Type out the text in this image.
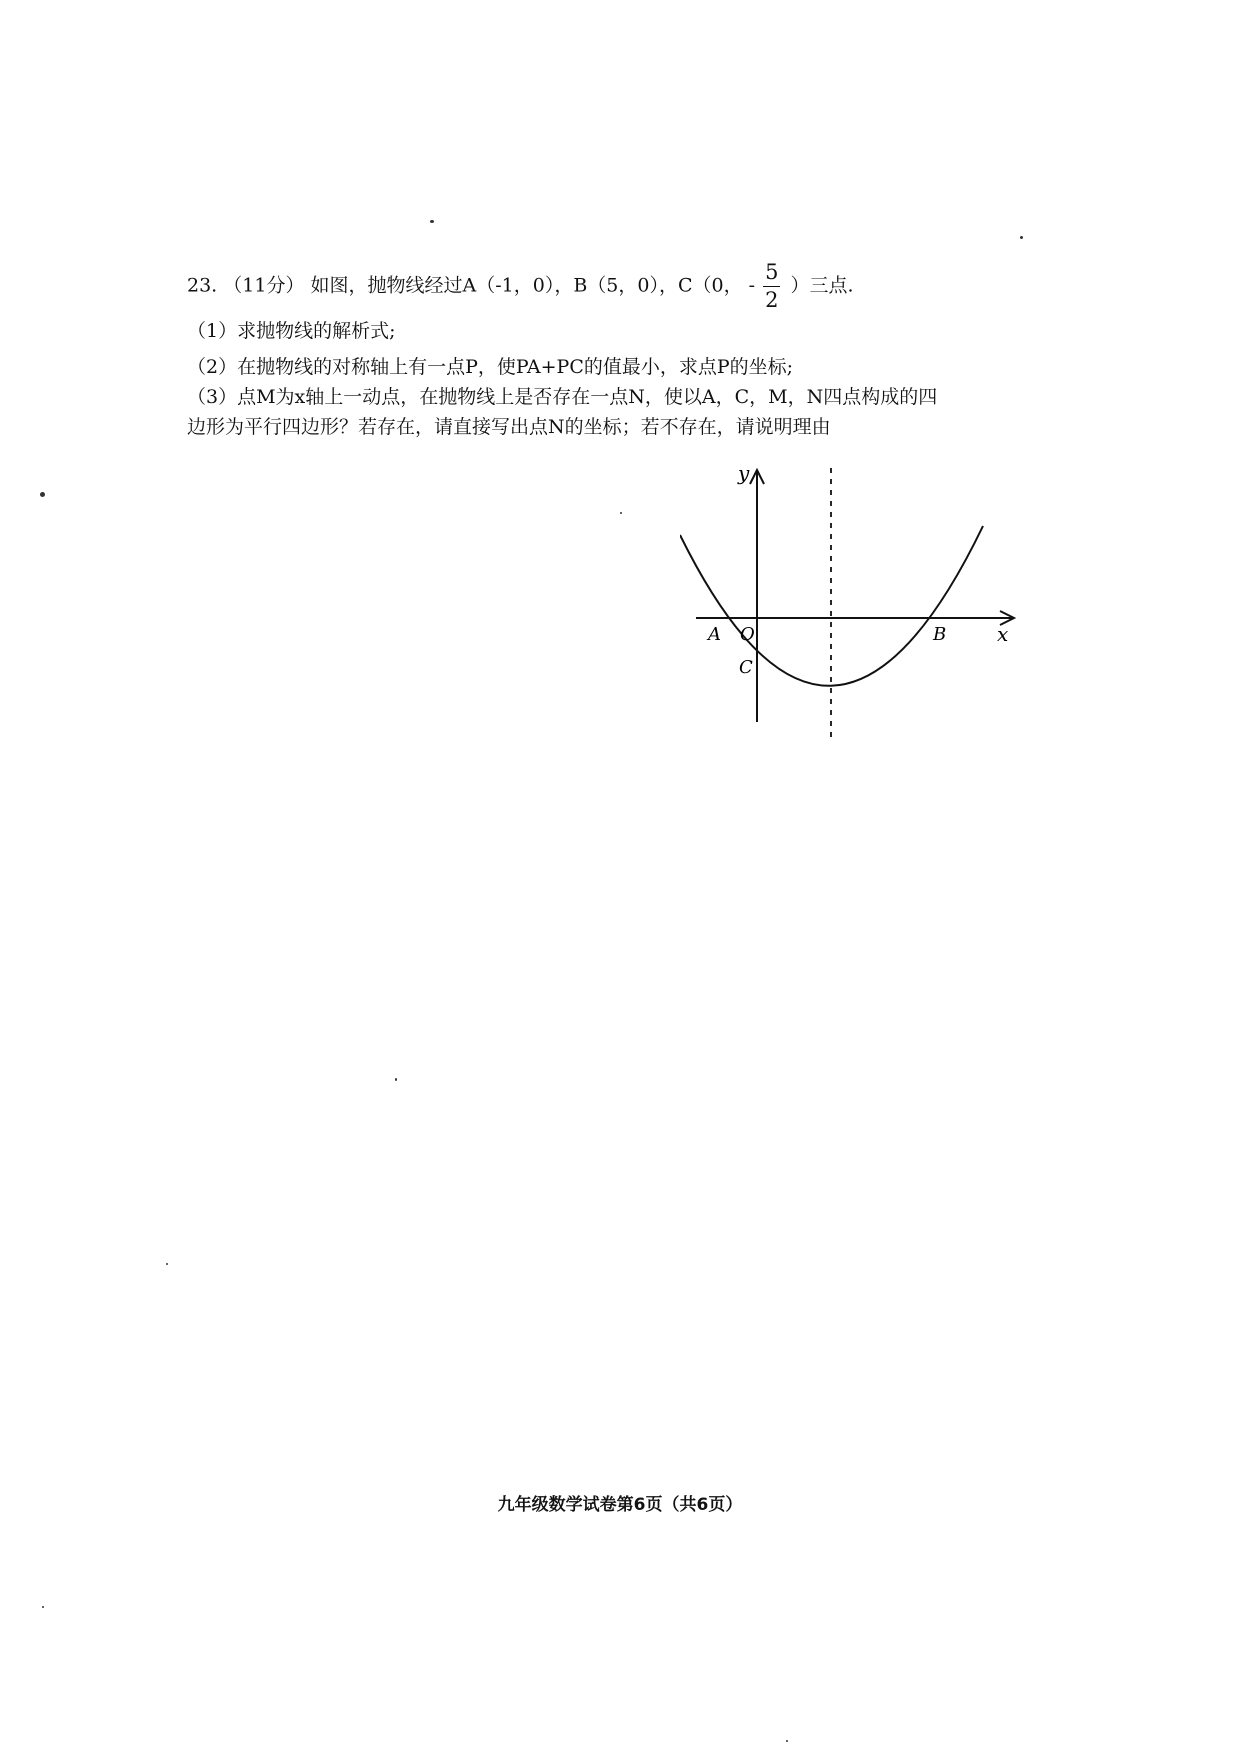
23. （11分） 如图，抛物线经过A（-1，0），B（5，0），C（0， - $\frac{5}{2}$ ）三点.
（1）求抛物线的解析式;
（2）在抛物线的对称轴上有一点P，使PA+PC的值最小，求点P的坐标;
（3）点M为x轴上一动点，在抛物线上是否存在一点N，使以A，C，M，N四点构成的四
边形为平行四边形？若存在，请直接写出点N的坐标；若不存在，请说明理由
y
x
A O	B
C
九年级数学试卷第6页（共6页）
